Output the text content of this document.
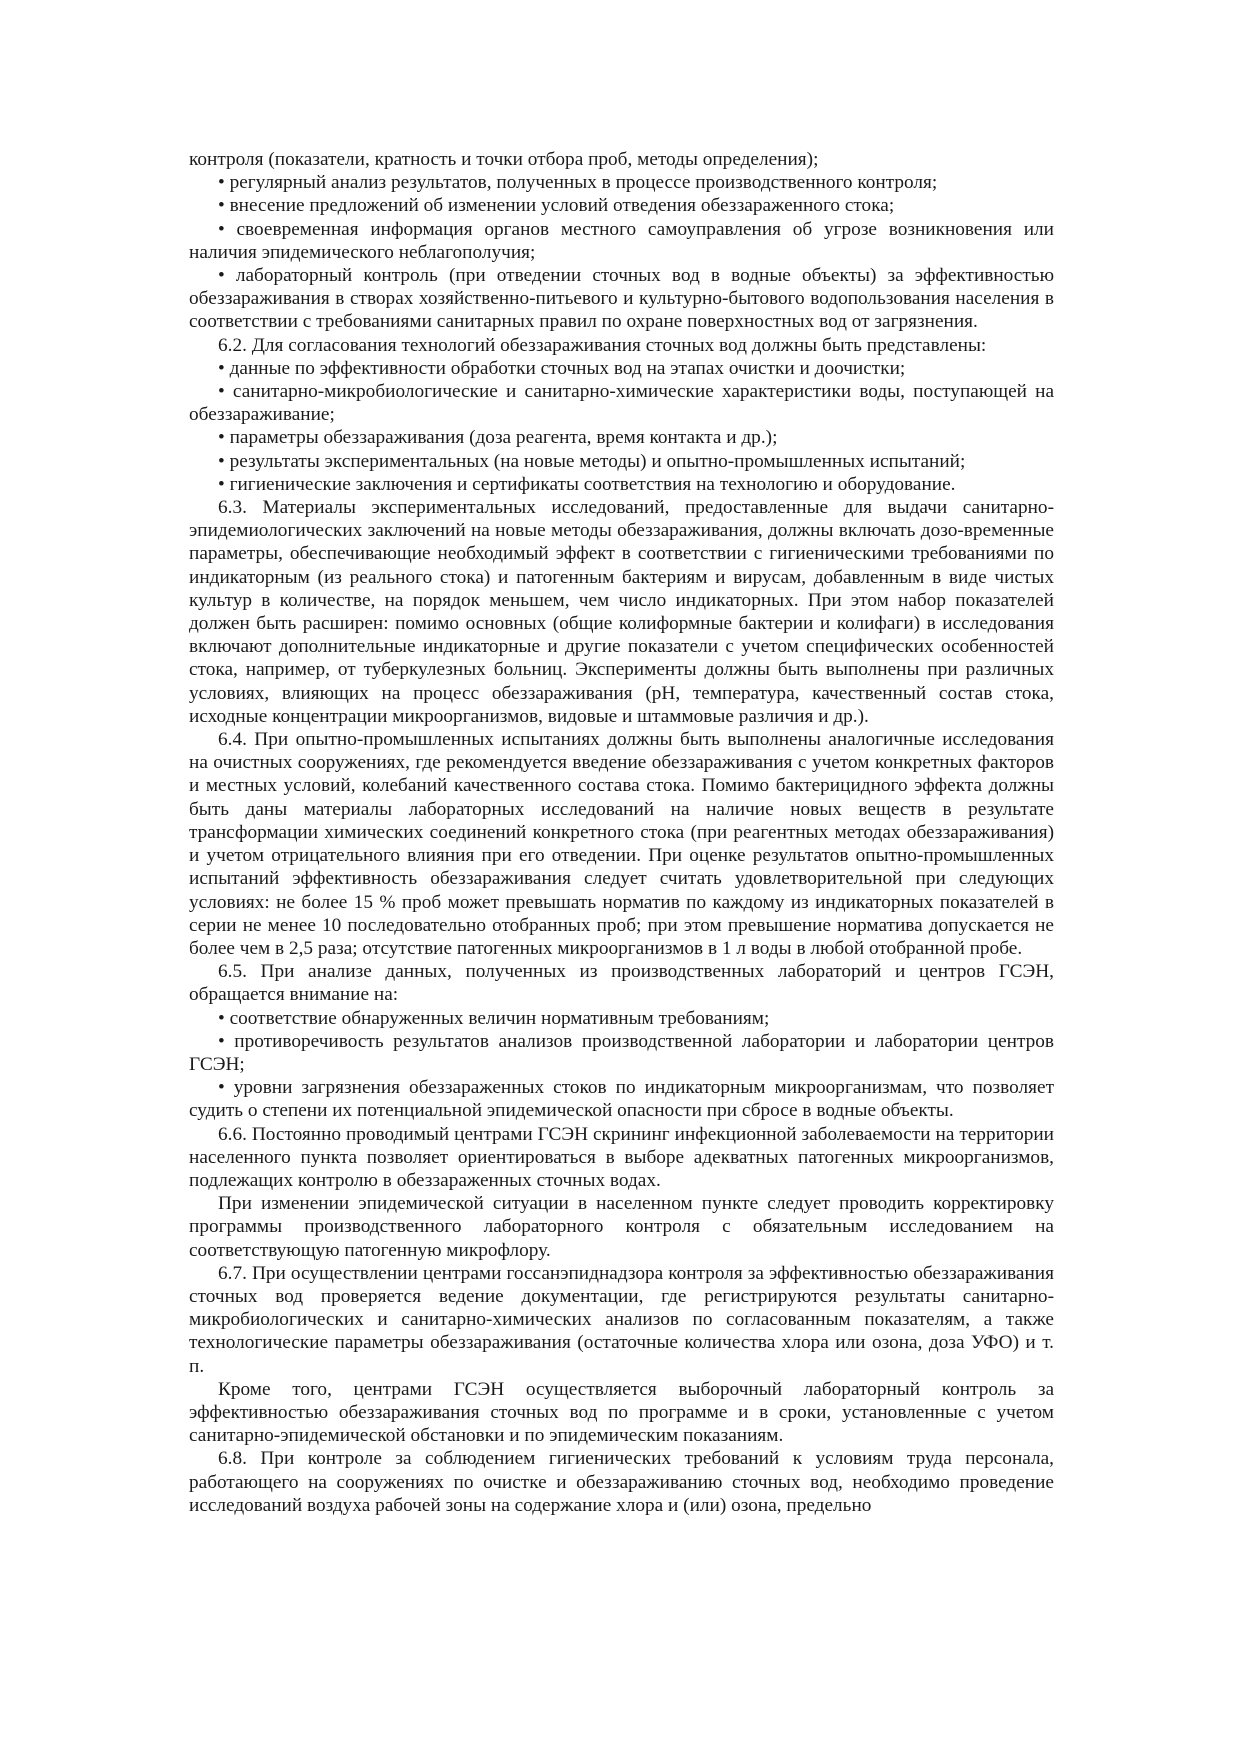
контроля (показатели, кратность и точки отбора проб, методы определения);

• регулярный анализ результатов, полученных в процессе производственного контроля;

• внесение предложений об изменении условий отведения обеззараженного стока;

• своевременная информация органов местного самоуправления об угрозе возникновения или наличия эпидемического неблагополучия;

• лабораторный контроль (при отведении сточных вод в водные объекты) за эффективностью обеззараживания в створах хозяйственно-питьевого и культурно-бытового водопользования населения в соответствии с требованиями санитарных правил по охране поверхностных вод от загрязнения.

6.2. Для согласования технологий обеззараживания сточных вод должны быть представлены:

• данные по эффективности обработки сточных вод на этапах очистки и доочистки;

• санитарно-микробиологические и санитарно-химические характеристики воды, поступающей на обеззараживание;

• параметры обеззараживания (доза реагента, время контакта и др.);

• результаты экспериментальных (на новые методы) и опытно-промышленных испытаний;

• гигиенические заключения и сертификаты соответствия на технологию и оборудование.

6.3. Материалы экспериментальных исследований, предоставленные для выдачи санитарно-эпидемиологических заключений на новые методы обеззараживания, должны включать дозо-временные параметры, обеспечивающие необходимый эффект в соответствии с гигиеническими требованиями по индикаторным (из реального стока) и патогенным бактериям и вирусам, добавленным в виде чистых культур в количестве, на порядок меньшем, чем число индикаторных. При этом набор показателей должен быть расширен: помимо основных (общие колиформные бактерии и колифаги) в исследования включают дополнительные индикаторные и другие показатели с учетом специфических особенностей стока, например, от туберкулезных больниц. Эксперименты должны быть выполнены при различных условиях, влияющих на процесс обеззараживания (pH, температура, качественный состав стока, исходные концентрации микроорганизмов, видовые и штаммовые различия и др.).

6.4. При опытно-промышленных испытаниях должны быть выполнены аналогичные исследования на очистных сооружениях, где рекомендуется введение обеззараживания с учетом конкретных факторов и местных условий, колебаний качественного состава стока. Помимо бактерицидного эффекта должны быть даны материалы лабораторных исследований на наличие новых веществ в результате трансформации химических соединений конкретного стока (при реагентных методах обеззараживания) и учетом отрицательного влияния при его отведении. При оценке результатов опытно-промышленных испытаний эффективность обеззараживания следует считать удовлетворительной при следующих условиях: не более 15 % проб может превышать норматив по каждому из индикаторных показателей в серии не менее 10 последовательно отобранных проб; при этом превышение норматива допускается не более чем в 2,5 раза; отсутствие патогенных микроорганизмов в 1 л воды в любой отобранной пробе.

6.5. При анализе данных, полученных из производственных лабораторий и центров ГСЭН, обращается внимание на:

• соответствие обнаруженных величин нормативным требованиям;

• противоречивость результатов анализов производственной лаборатории и лаборатории центров ГСЭН;

• уровни загрязнения обеззараженных стоков по индикаторным микроорганизмам, что позволяет судить о степени их потенциальной эпидемической опасности при сбросе в водные объекты.

6.6. Постоянно проводимый центрами ГСЭН скрининг инфекционной заболеваемости на территории населенного пункта позволяет ориентироваться в выборе адекватных патогенных микроорганизмов, подлежащих контролю в обеззараженных сточных водах.

При изменении эпидемической ситуации в населенном пункте следует проводить корректировку программы производственного лабораторного контроля с обязательным исследованием на соответствующую патогенную микрофлору.

6.7. При осуществлении центрами госсанэпиднадзора контроля за эффективностью обеззараживания сточных вод проверяется ведение документации, где регистрируются результаты санитарно-микробиологических и санитарно-химических анализов по согласованным показателям, а также технологические параметры обеззараживания (остаточные количества хлора или озона, доза УФО) и т. п.

Кроме того, центрами ГСЭН осуществляется выборочный лабораторный контроль за эффективностью обеззараживания сточных вод по программе и в сроки, установленные с учетом санитарно-эпидемической обстановки и по эпидемическим показаниям.

6.8. При контроле за соблюдением гигиенических требований к условиям труда персонала, работающего на сооружениях по очистке и обеззараживанию сточных вод, необходимо проведение исследований воздуха рабочей зоны на содержание хлора и (или) озона, предельно
